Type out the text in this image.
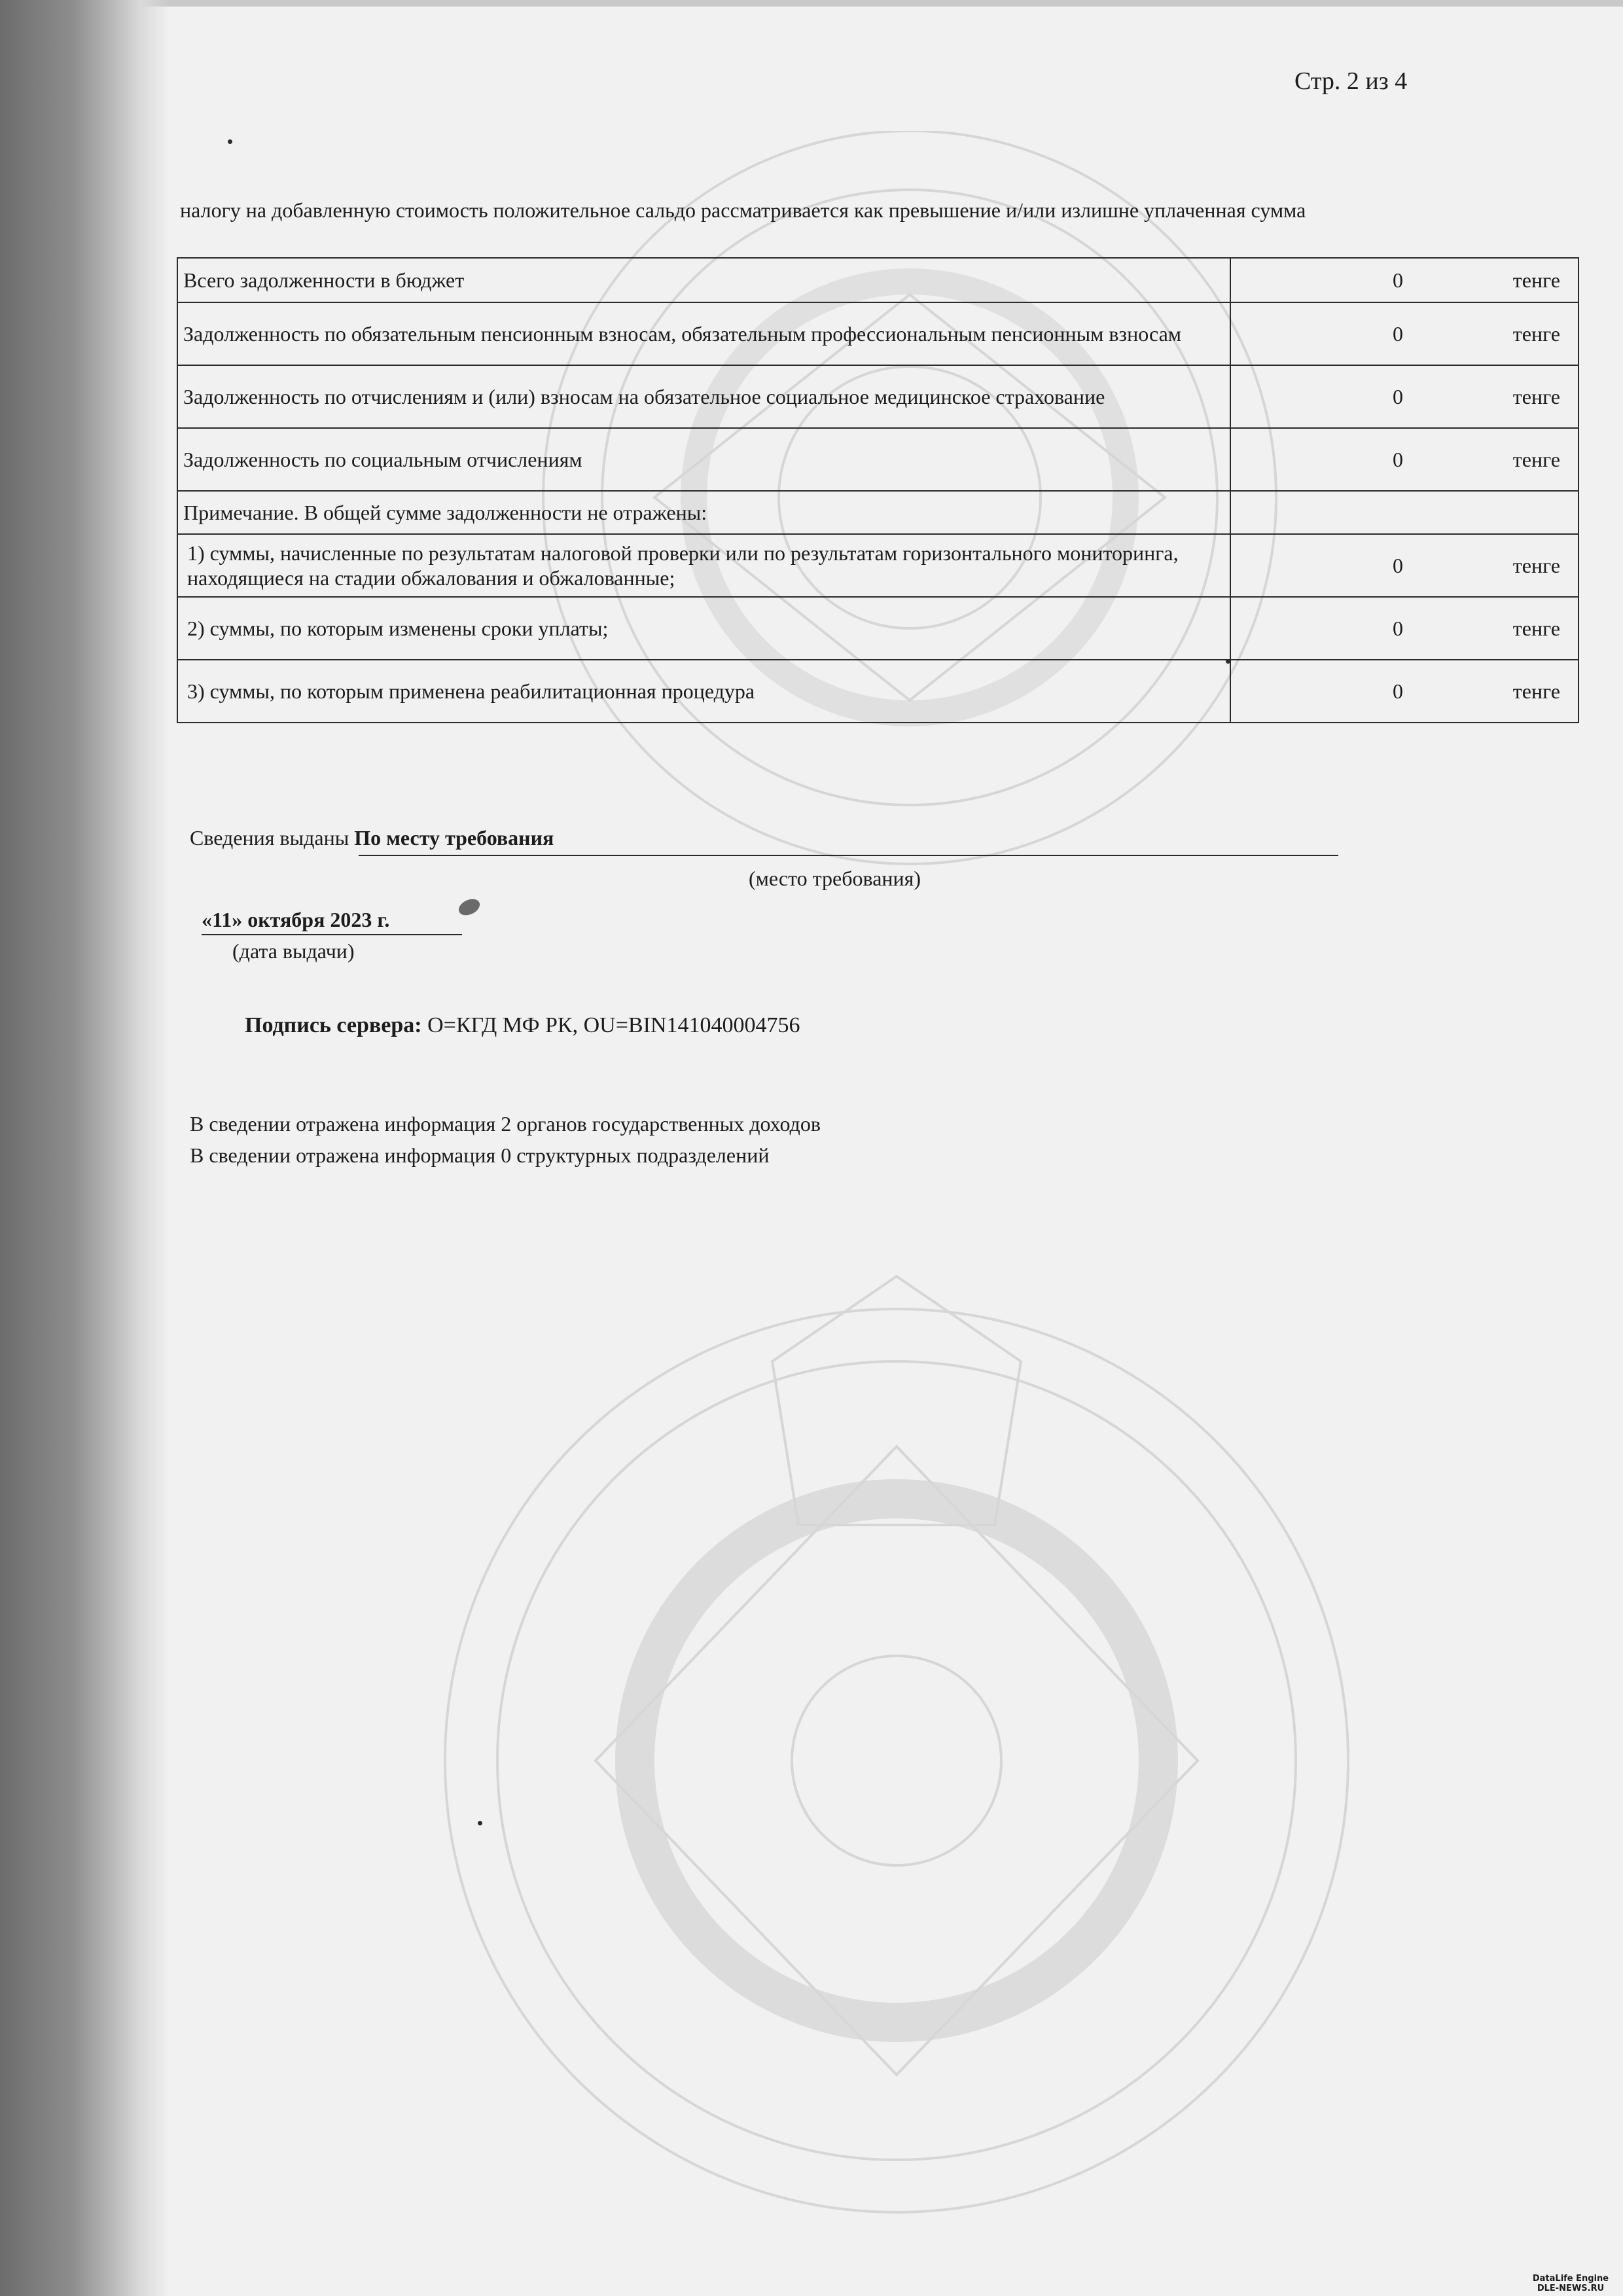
Стр. 2 из 4
налогу на добавленную стоимость положительное сальдо рассматривается как превышение и/или излишне уплаченная сумма
Всего задолженности в бюджет	0 тенге

Задолженность по обязательным пенсионным взносам, обязательным профессиональным пенсионным взносам	0 тенге

Задолженность по отчислениям и (или) взносам на обязательное социальное медицинское страхование	0 тенге

Задолженность по социальным отчислениям	0 тенге

Примечание. В общей сумме задолженности не отражены:	
1) суммы, начисленные по результатам налоговой проверки или по результатам горизонтального мониторинга, находящиеся на стадии обжалования и обжалованные;	0 тенге

2) суммы, по которым изменены сроки уплаты;	0 тенге

3) суммы, по которым применена реабилитационная процедура	0 тенге
Сведения выданы По месту требования
(место требования)
«11» октября 2023 г.
(дата выдачи)
Подпись сервера: O=КГД МФ РК, OU=BIN141040004756
В сведении отражена информация 2 органов государственных доходов
В сведении отражена информация 0 структурных подразделений
DataLife Engine
DLE-NEWS.RU
